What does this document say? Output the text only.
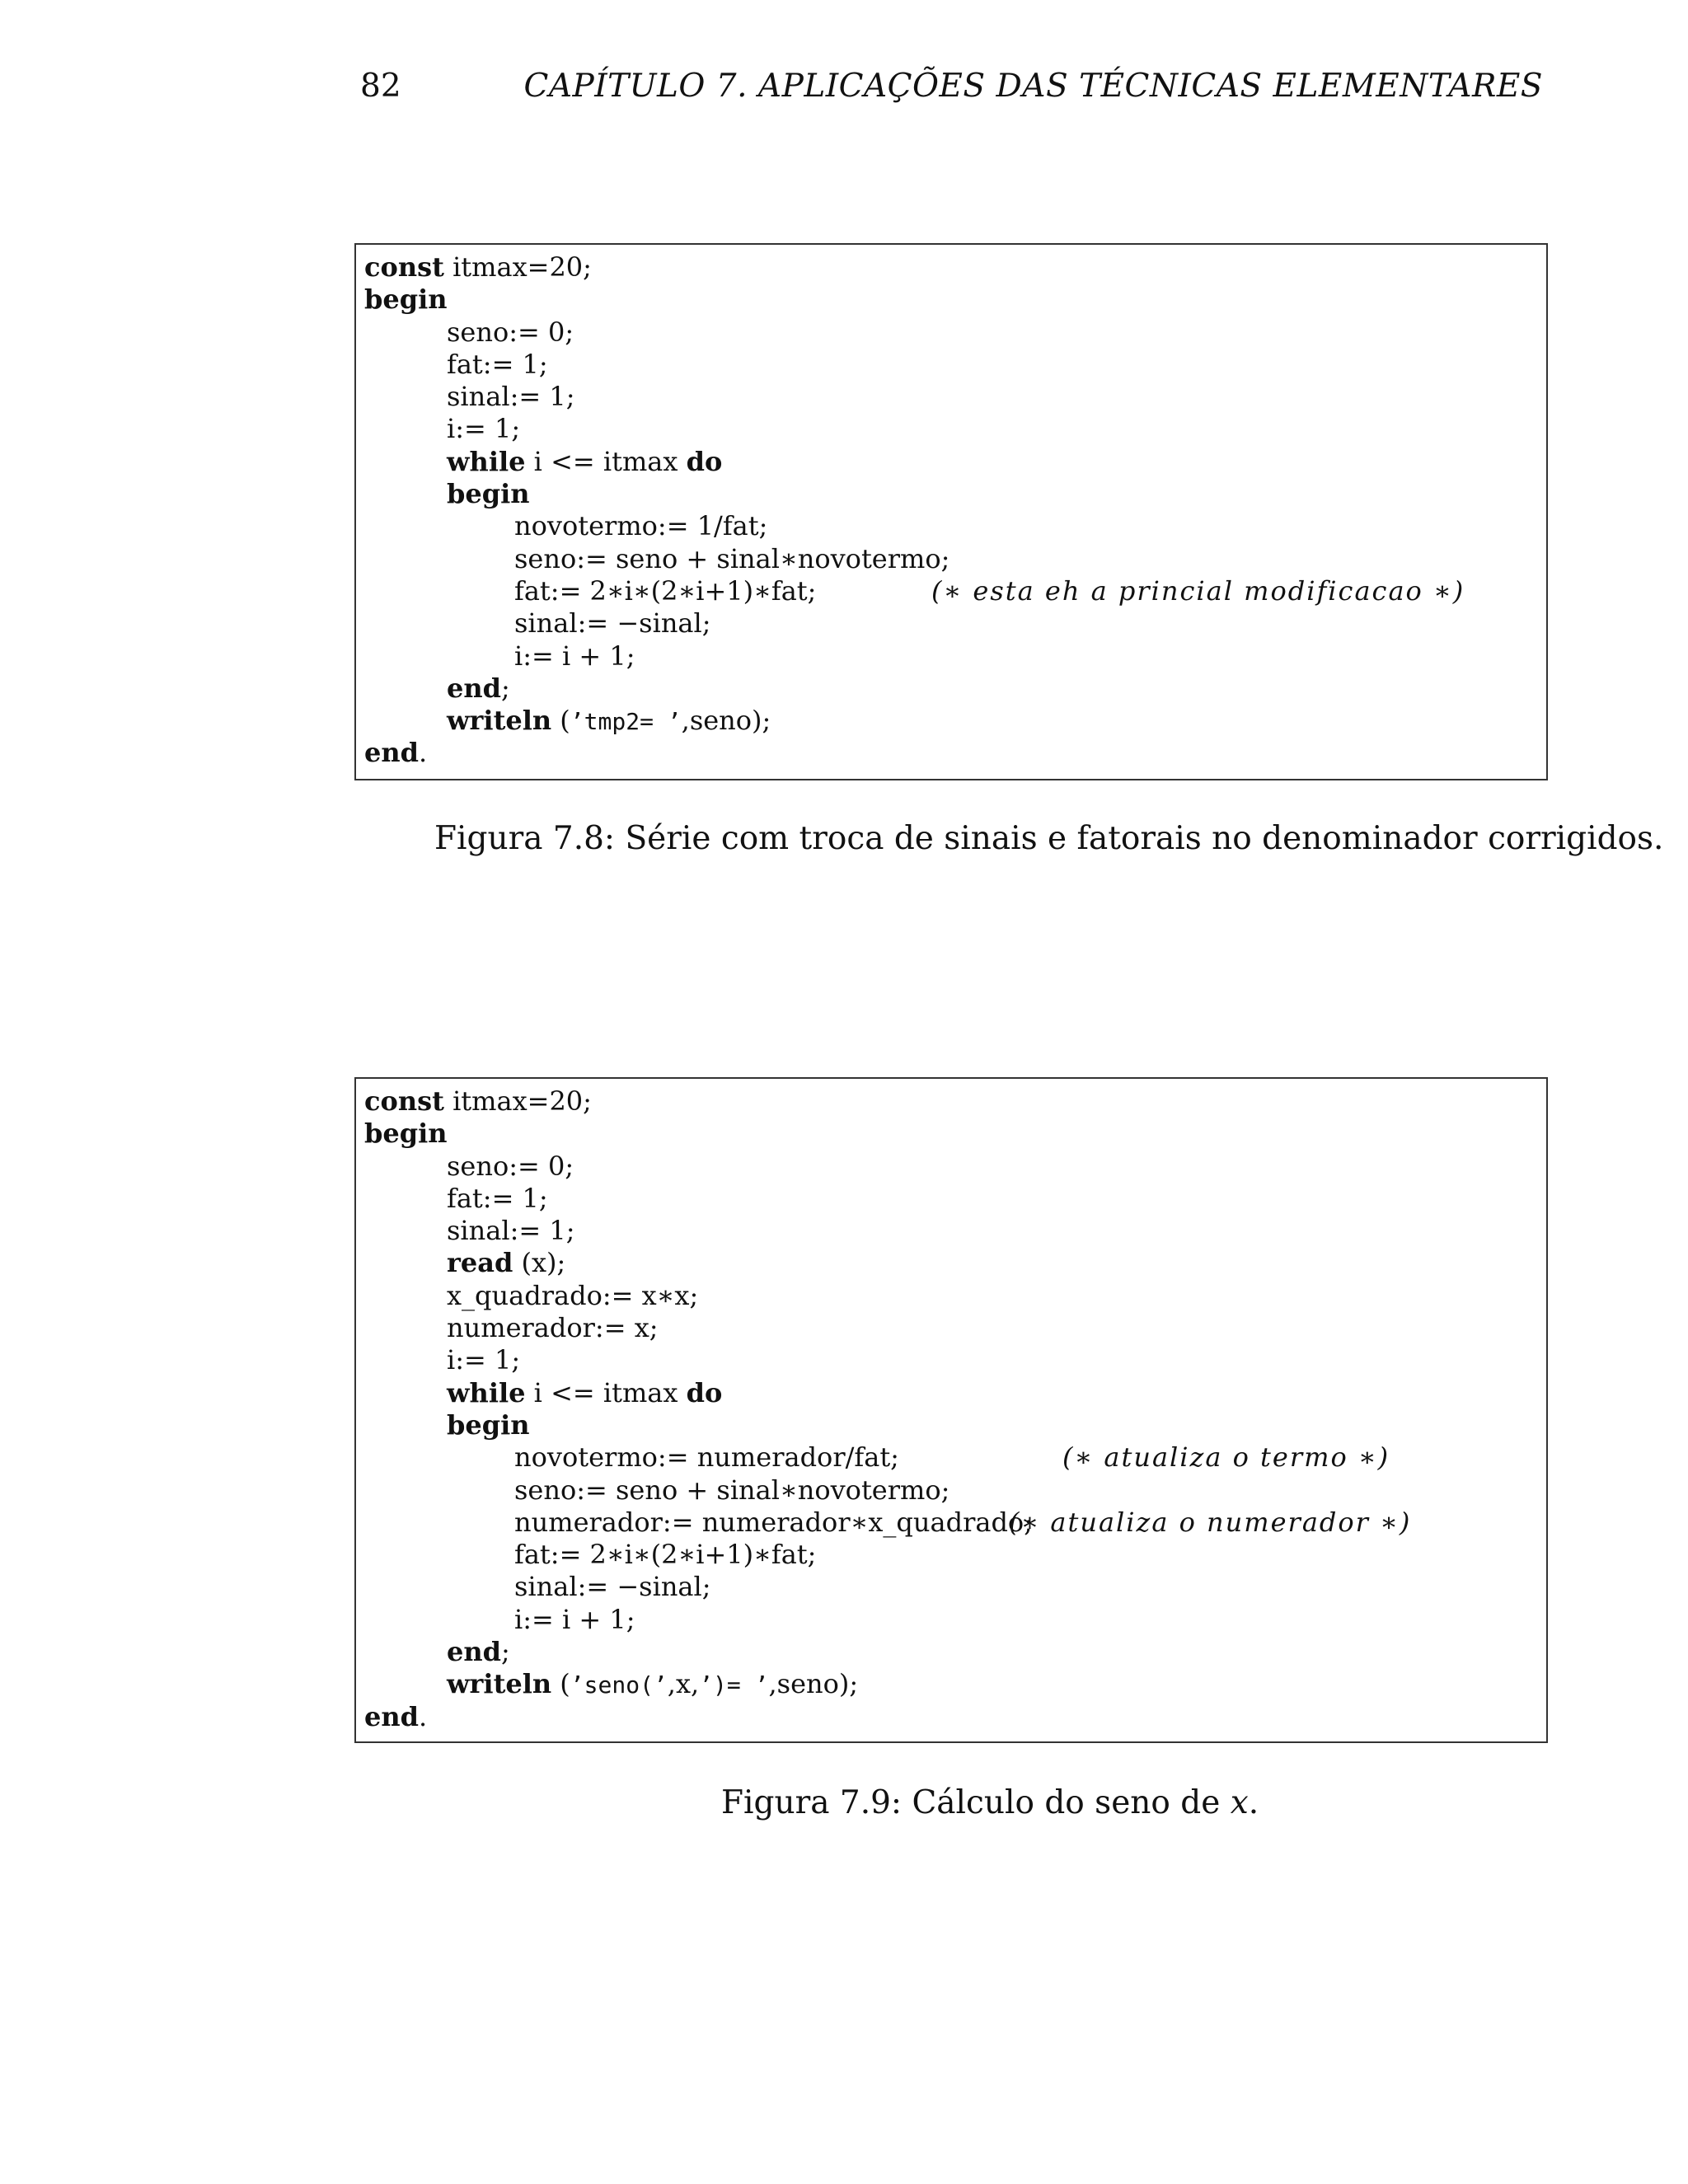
82	CAPÍTULO 7. APLICAÇÕES DAS TÉCNICAS ELEMENTARES
const itmax=20;
begin
seno:= 0;
fat:= 1;
sinal:= 1;
i:= 1;
while i <= itmax do
begin
novotermo:= 1/fat;
seno:= seno + sinal∗novotermo;
fat:= 2∗i∗(2∗i+1)∗fat;	(∗ esta eh a princial modificacao ∗)
sinal:= −sinal;
i:= i + 1;
end;
writeln (’tmp2= ’,seno);
end.
Figura 7.8: Série com troca de sinais e fatorais no denominador corrigidos.
const itmax=20;
begin
seno:= 0;
fat:= 1;
sinal:= 1;
read (x);
x_quadrado:= x∗x;
numerador:= x;
i:= 1;
while i <= itmax do
begin
novotermo:= numerador/fat;	(∗ atualiza o termo ∗)
seno:= seno + sinal∗novotermo;
numerador:= numerador∗x_quadrado;
(∗ atualiza o numerador ∗)
fat:= 2∗i∗(2∗i+1)∗fat;
sinal:= −sinal;
i:= i + 1;
end;
writeln (’seno(’,x,’)= ’,seno);
end.
Figura 7.9: Cálculo do seno de x.
